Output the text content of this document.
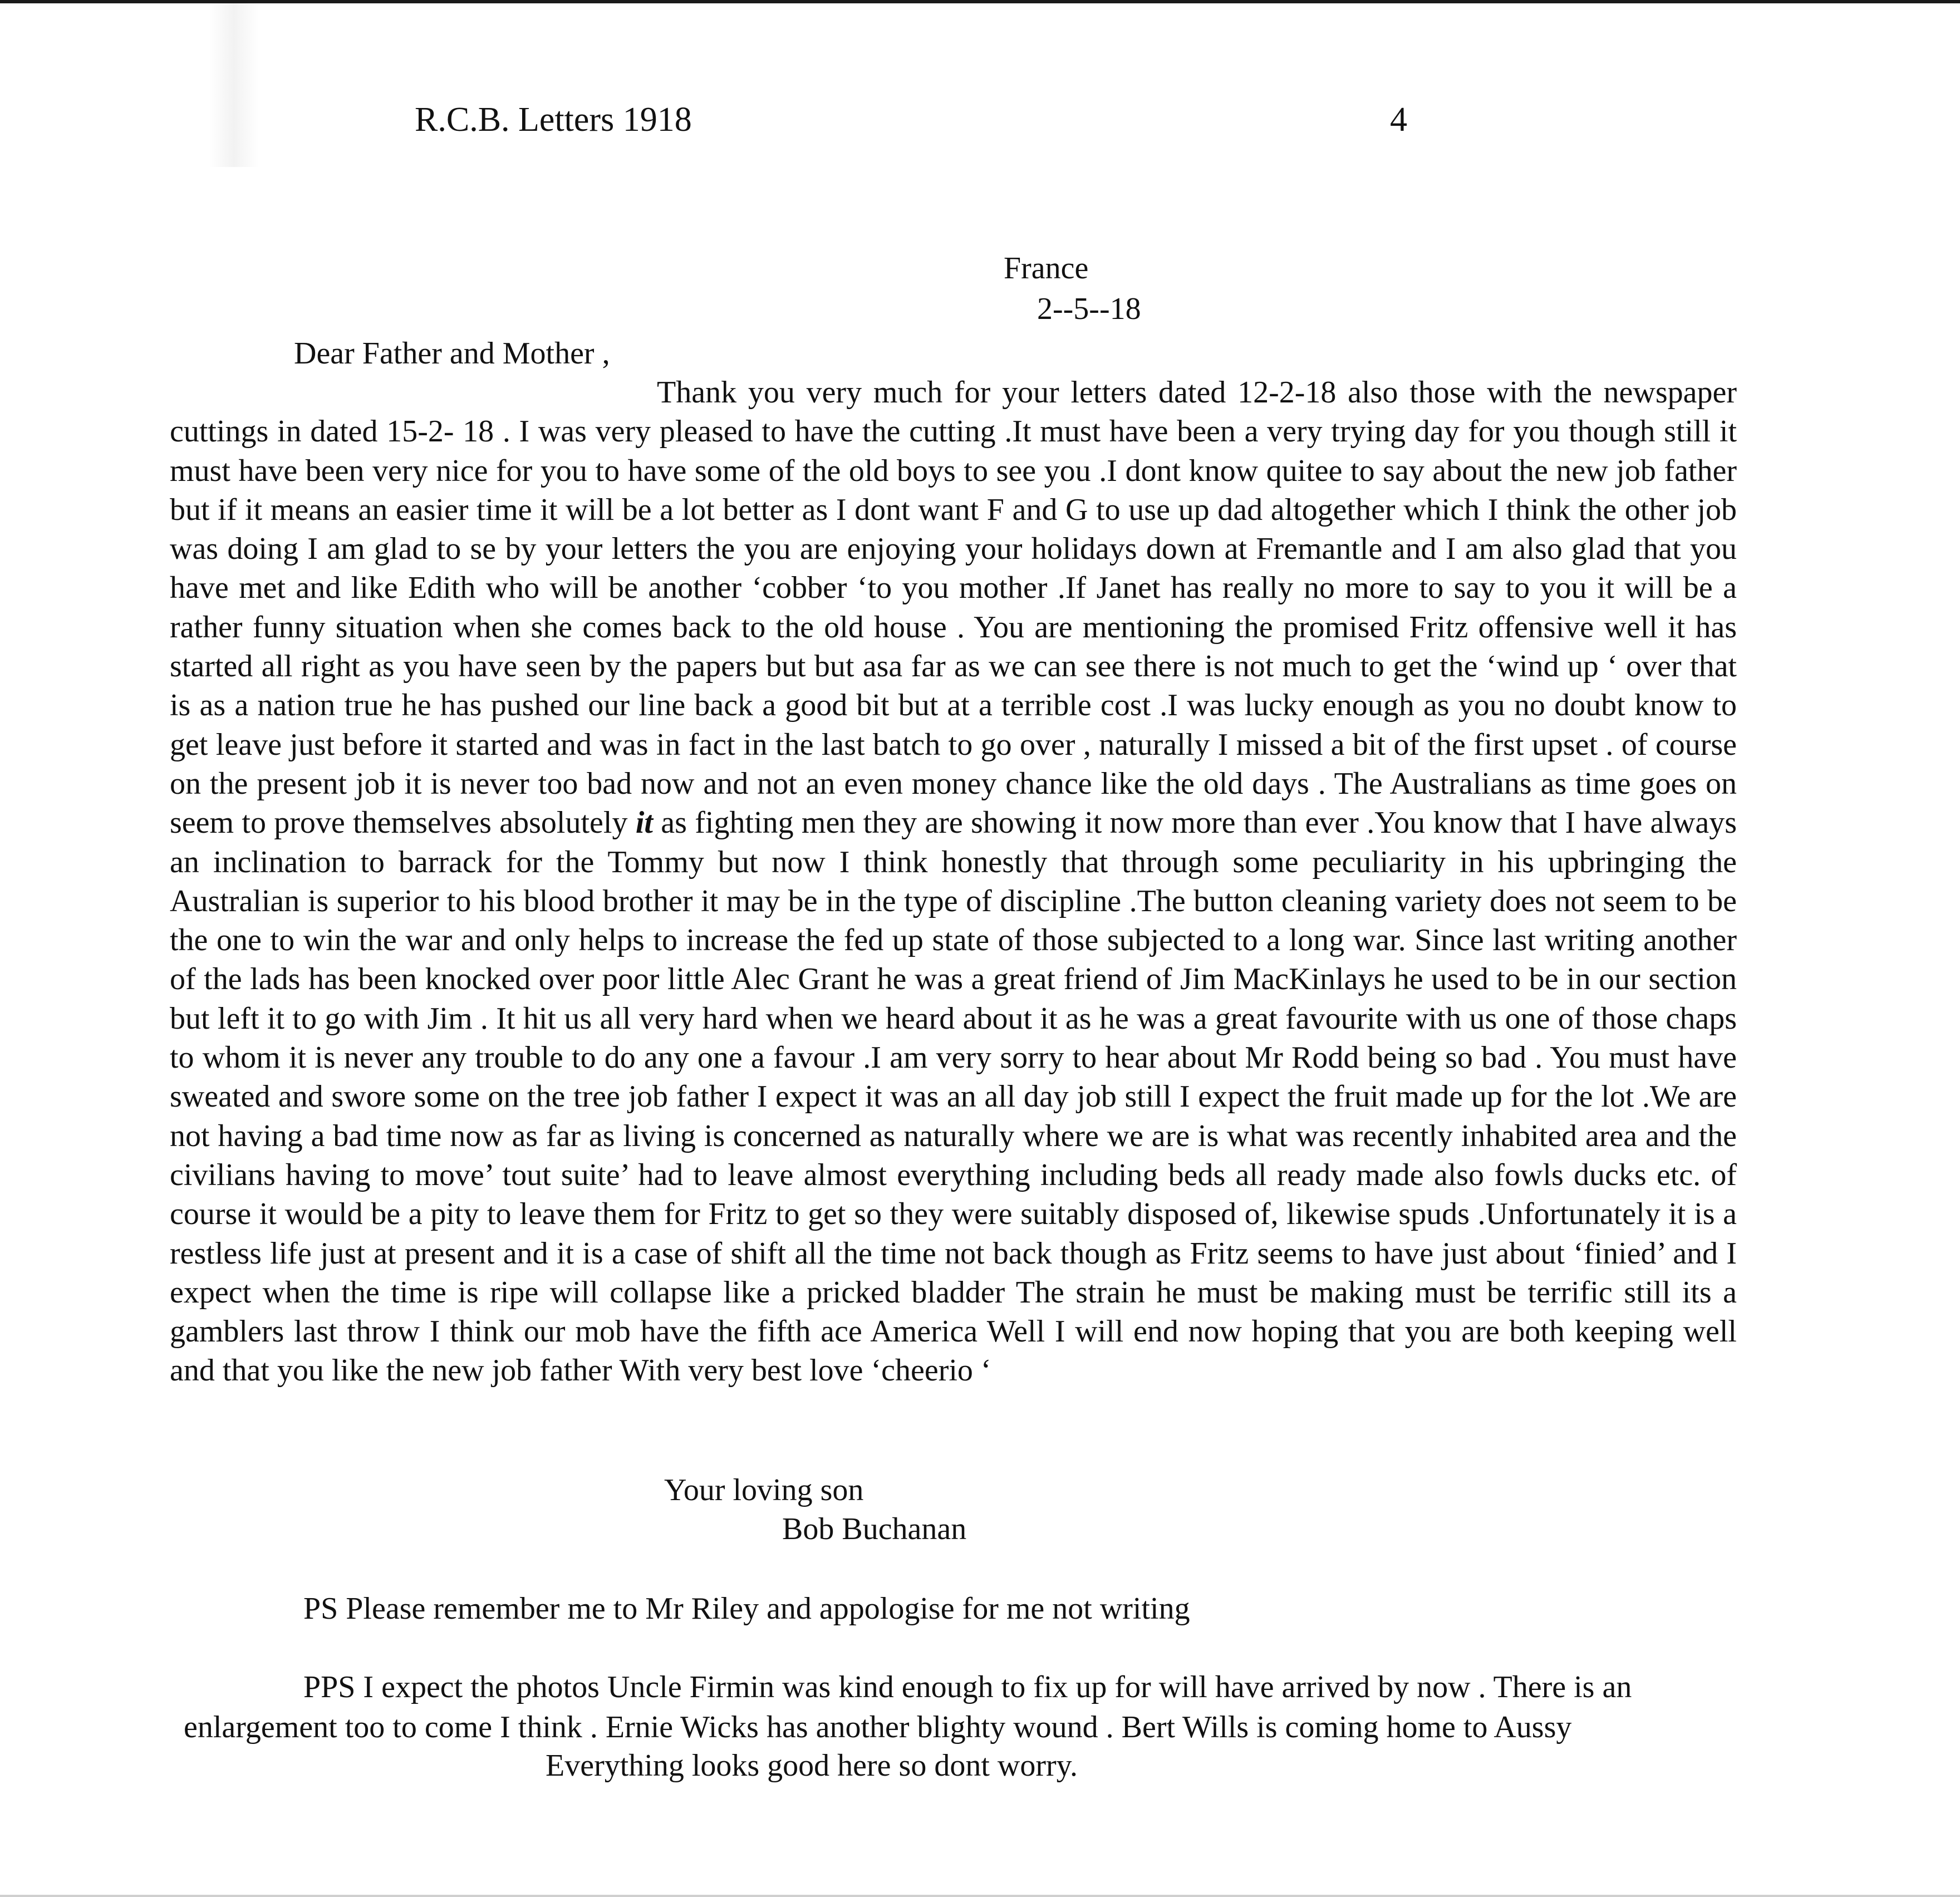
R.C.B. Letters 1918	4
France
2--5--18
Dear Father and Mother ,

Thank you very much for your letters dated 12-2-18 also those with the newspaper cuttings in dated 15-2- 18 . I was very pleased to have the cutting .It must have been a very trying day for you though still it must have been very nice for you to have some of the old boys to see you .I dont know quitee to say about the new job father but if it means an easier time it will be a lot better as I dont want F and G to use up dad altogether which I think the other job was doing I am glad to se by your letters the you are enjoying your holidays down at Fremantle and I am also glad that you have met and like Edith who will be another ‘cobber ‘to you mother .If Janet has really no more to say to you it will be a rather funny situation when she comes back to the old house . You are mentioning the promised Fritz offensive well it has started all right as you have seen by the papers but but asa far as we can see there is not much to get the ‘wind up ‘ over that is as a nation true he has pushed our line back a good bit but at a terrible cost .I was lucky enough as you no doubt know to get leave just before it started and was in fact in the last batch to go over , naturally I missed a bit of the first upset . of course on the present job it is never too bad now and not an even money chance like the old days . The Australians as time goes on seem to prove themselves absolutely it as fighting men they are showing it now more than ever .You know that I have always an inclination to barrack for the Tommy but now I think honestly that through some peculiarity in his upbringing the Australian is superior to his blood brother it may be in the type of discipline .The button cleaning variety does not seem to be the one to win the war and only helps to increase the fed up state of those subjected to a long war. Since last writing another of the lads has been knocked over poor little Alec Grant he was a great friend of Jim MacKinlays he used to be in our section but left it to go with Jim . It hit us all very hard when we heard about it as he was a great favourite with us one of those chaps to whom it is never any trouble to do any one a favour .I am very sorry to hear about Mr Rodd being so bad . You must have sweated and swore some on the tree job father I expect it was an all day job still I expect the fruit made up for the lot .We are not having a bad time now as far as living is concerned as naturally where we are is what was recently inhabited area and the civilians having to move’ tout suite’ had to leave almost everything including beds all ready made also fowls ducks etc. of course it would be a pity to leave them for Fritz to get so they were suitably disposed of, likewise spuds .Unfortunately it is a restless life just at present and it is a case of shift all the time not back though as Fritz seems to have just about ‘finied’ and I expect when the time is ripe will collapse like a pricked bladder The strain he must be making must be terrific still its a gamblers last throw I think our mob have the fifth ace America Well I will end now hoping that you are both keeping well and that you like the new job father With very best love ‘cheerio ‘

Your loving son
Bob Buchanan
PS Please remember me to Mr Riley and appologise for me not writing

PPS I expect the photos Uncle Firmin was kind enough to fix up for will have arrived by now . There is an enlargement too to come I think . Ernie Wicks has another blighty wound . Bert Wills is coming home to Aussy

Everything looks good here so dont worry.
